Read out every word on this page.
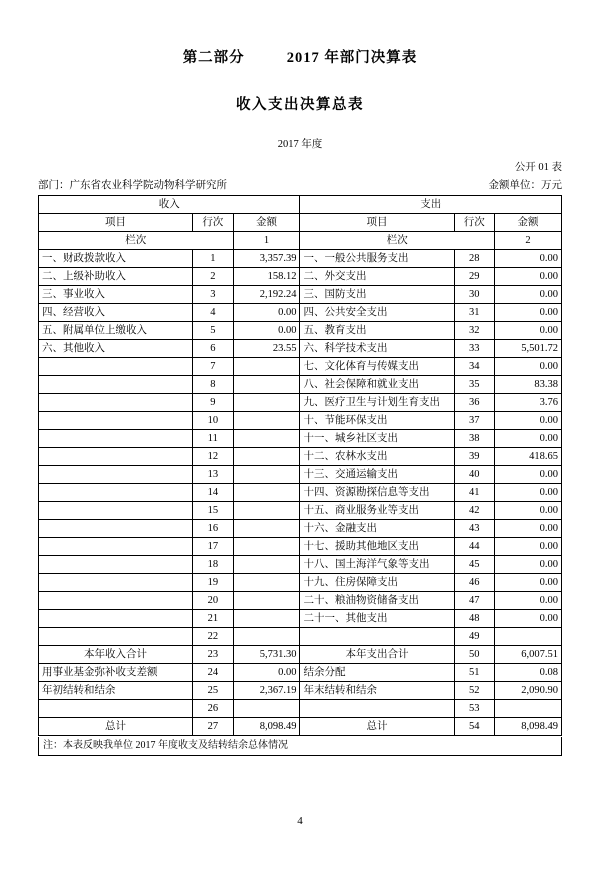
第二部分	2017 年部门决算表
收入支出决算总表
2017 年度

公开 01 表
部门：广东省农业科学院动物科学研究所	金额单位：万元
收入			支出		
项目	行次	金额	项目	行次	金额
栏次		1	栏次		2
一、财政拨款收入	1	3,357.39	一、一般公共服务支出	28	0.00
二、上级补助收入	2	158.12	二、外交支出	29	0.00
三、事业收入	3	2,192.24	三、国防支出	30	0.00
四、经营收入	4	0.00	四、公共安全支出	31	0.00
五、附属单位上缴收入	5	0.00	五、教育支出	32	0.00
六、其他收入	6	23.55	六、科学技术支出	33	5,501.72
	7		七、文化体育与传媒支出	34	0.00
	8		八、社会保障和就业支出	35	83.38
	9		九、医疗卫生与计划生育支出	36	3.76
	10		十、节能环保支出	37	0.00
	11		十一、城乡社区支出	38	0.00
	12		十二、农林水支出	39	418.65
	13		十三、交通运输支出	40	0.00
	14		十四、资源勘探信息等支出	41	0.00
	15		十五、商业服务业等支出	42	0.00
	16		十六、金融支出	43	0.00
	17		十七、援助其他地区支出	44	0.00
	18		十八、国土海洋气象等支出	45	0.00
	19		十九、住房保障支出	46	0.00
	20		二十、粮油物资储备支出	47	0.00
	21		二十一、其他支出	48	0.00
	22			49	
本年收入合计	23	5,731.30	本年支出合计	50	6,007.51
用事业基金弥补收支差额	24	0.00	结余分配	51	0.08
年初结转和结余	25	2,367.19	年末结转和结余	52	2,090.90
	26			53	
总计	27	8,098.49	总计	54	8,098.49
注：本表反映我单位 2017 年度收支及结转结余总体情况
4
